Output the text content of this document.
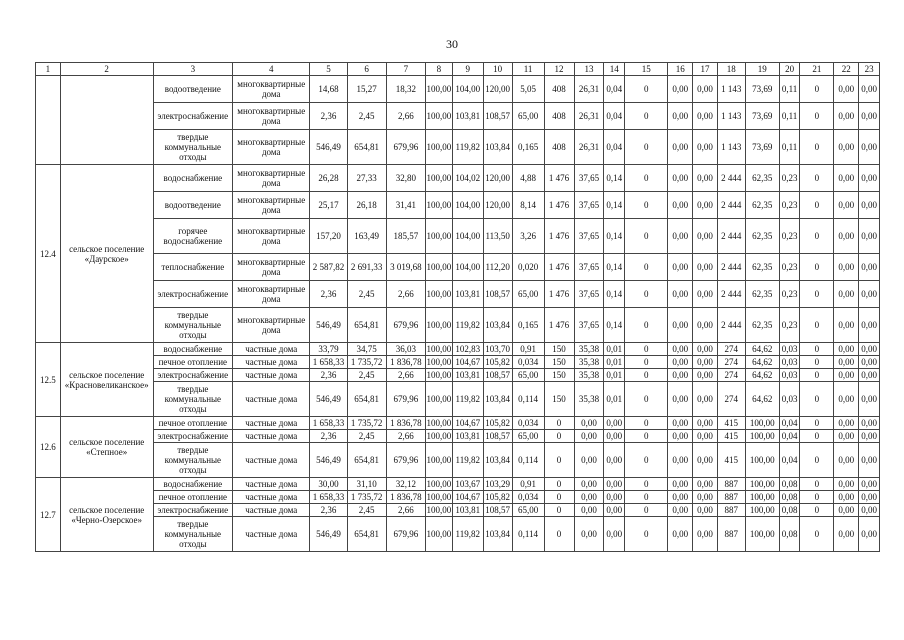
30
1	2	3	4	5	6	7	8	9	10	11	12	13	14	15	16	17	18	19	20	21	22	23
		водоотведение	многоквартирные дома	14,68	15,27	18,32	100,00	104,00	120,00	5,05	408	26,31	0,04	0	0,00	0,00	1 143	73,69	0,11	0	0,00	0,00
		электроснабжение	многоквартирные дома	2,36	2,45	2,66	100,00	103,81	108,57	65,00	408	26,31	0,04	0	0,00	0,00	1 143	73,69	0,11	0	0,00	0,00
		твердые коммунальные отходы	многоквартирные дома	546,49	654,81	679,96	100,00	119,82	103,84	0,165	408	26,31	0,04	0	0,00	0,00	1 143	73,69	0,11	0	0,00	0,00
12.4	сельское поселение «Даурское»	водоснабжение	многоквартирные дома	26,28	27,33	32,80	100,00	104,02	120,00	4,88	1 476	37,65	0,14	0	0,00	0,00	2 444	62,35	0,23	0	0,00	0,00
		водоотведение	многоквартирные дома	25,17	26,18	31,41	100,00	104,00	120,00	8,14	1 476	37,65	0,14	0	0,00	0,00	2 444	62,35	0,23	0	0,00	0,00
		горячее водоснабжение	многоквартирные дома	157,20	163,49	185,57	100,00	104,00	113,50	3,26	1 476	37,65	0,14	0	0,00	0,00	2 444	62,35	0,23	0	0,00	0,00
		теплоснабжение	многоквартирные дома	2 587,82	2 691,33	3 019,68	100,00	104,00	112,20	0,020	1 476	37,65	0,14	0	0,00	0,00	2 444	62,35	0,23	0	0,00	0,00
		электроснабжение	многоквартирные дома	2,36	2,45	2,66	100,00	103,81	108,57	65,00	1 476	37,65	0,14	0	0,00	0,00	2 444	62,35	0,23	0	0,00	0,00
		твердые коммунальные отходы	многоквартирные дома	546,49	654,81	679,96	100,00	119,82	103,84	0,165	1 476	37,65	0,14	0	0,00	0,00	2 444	62,35	0,23	0	0,00	0,00
12.5	сельское поселение «Красновеликанское»	водоснабжение	частные дома	33,79	34,75	36,03	100,00	102,83	103,70	0,91	150	35,38	0,01	0	0,00	0,00	274	64,62	0,03	0	0,00	0,00
		печное отопление	частные дома	1 658,33	1 735,72	1 836,78	100,00	104,67	105,82	0,034	150	35,38	0,01	0	0,00	0,00	274	64,62	0,03	0	0,00	0,00
		электроснабжение	частные дома	2,36	2,45	2,66	100,00	103,81	108,57	65,00	150	35,38	0,01	0	0,00	0,00	274	64,62	0,03	0	0,00	0,00
		твердые коммунальные отходы	частные дома	546,49	654,81	679,96	100,00	119,82	103,84	0,114	150	35,38	0,01	0	0,00	0,00	274	64,62	0,03	0	0,00	0,00
12.6	сельское поселение «Степное»	печное отопление	частные дома	1 658,33	1 735,72	1 836,78	100,00	104,67	105,82	0,034	0	0,00	0,00	0	0,00	0,00	415	100,00	0,04	0	0,00	0,00
		электроснабжение	частные дома	2,36	2,45	2,66	100,00	103,81	108,57	65,00	0	0,00	0,00	0	0,00	0,00	415	100,00	0,04	0	0,00	0,00
		твердые коммунальные отходы	частные дома	546,49	654,81	679,96	100,00	119,82	103,84	0,114	0	0,00	0,00	0	0,00	0,00	415	100,00	0,04	0	0,00	0,00
12.7	сельское поселение «Черно-Озерское»	водоснабжение	частные дома	30,00	31,10	32,12	100,00	103,67	103,29	0,91	0	0,00	0,00	0	0,00	0,00	887	100,00	0,08	0	0,00	0,00
		печное отопление	частные дома	1 658,33	1 735,72	1 836,78	100,00	104,67	105,82	0,034	0	0,00	0,00	0	0,00	0,00	887	100,00	0,08	0	0,00	0,00
		электроснабжение	частные дома	2,36	2,45	2,66	100,00	103,81	108,57	65,00	0	0,00	0,00	0	0,00	0,00	887	100,00	0,08	0	0,00	0,00
		твердые коммунальные отходы	частные дома	546,49	654,81	679,96	100,00	119,82	103,84	0,114	0	0,00	0,00	0	0,00	0,00	887	100,00	0,08	0	0,00	0,00
